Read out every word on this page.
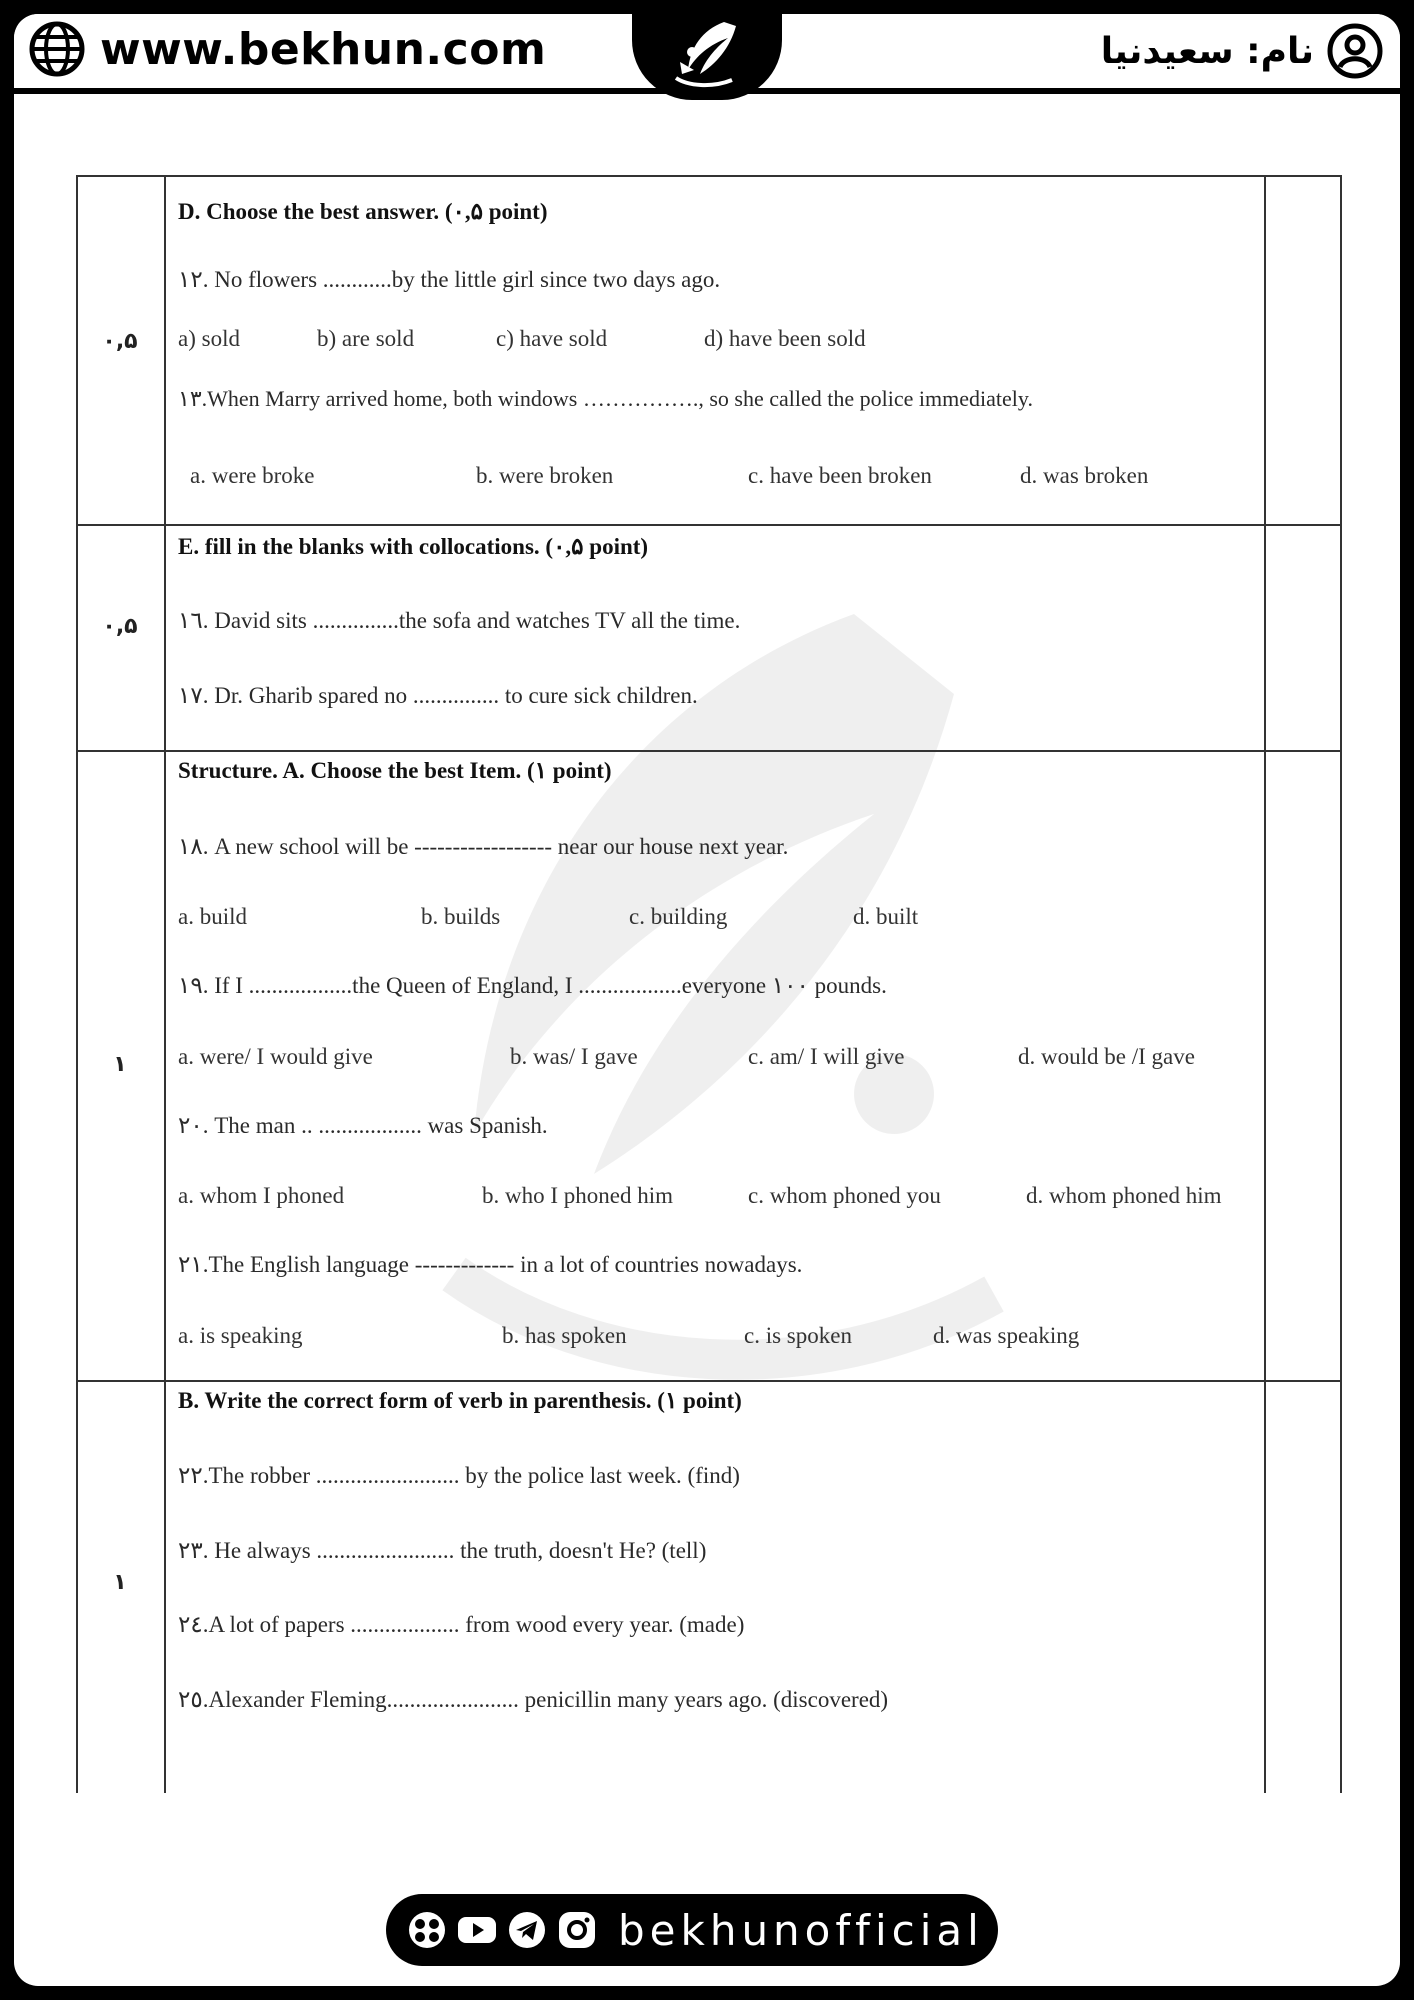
www.bekhun.com	نام: سعیدنیا
۰,۵
D. Choose the best answer. (۰,۵ point)
۱۲. No flowers ............by the little girl since two days ago.
a) sold	b) are sold	c) have sold	d) have been sold
۱۳.When Marry arrived home, both windows ……………., so she called the police immediately.
a. were broke	b. were broken	c. have been broken	d. was broken
۰,۵
E. fill in the blanks with collocations. (۰,۵ point)
۱٦. David sits ...............the sofa and watches TV all the time.
۱۷. Dr. Gharib spared no ............... to cure sick children.
۱
Structure. A. Choose the best Item. (۱ point)
۱۸. A new school will be ------------------ near our house next year.
a. build	b. builds	c. building	d. built
۱۹. If I ..................the Queen of England, I ..................everyone ۱۰۰ pounds.
a. were/ I would give	b. was/ I gave	c. am/ I will give	d. would be /I gave
۲۰. The man .. .................. was Spanish.
a. whom I phoned	b. who I phoned him	c. whom phoned you	d. whom phoned him
۲۱.The English language ------------- in a lot of countries nowadays.
a. is speaking	b. has spoken	c. is spoken	d. was speaking
۱
B. Write the correct form of verb in parenthesis. (۱ point)
۲۲.The robber ......................... by the police last week. (find)
۲۳. He always ........................ the truth, doesn't He? (tell)
۲٤.A lot of papers ................... from wood every year. (made)
۲٥.Alexander Fleming....................... penicillin many years ago. (discovered)
bekhunofficial
